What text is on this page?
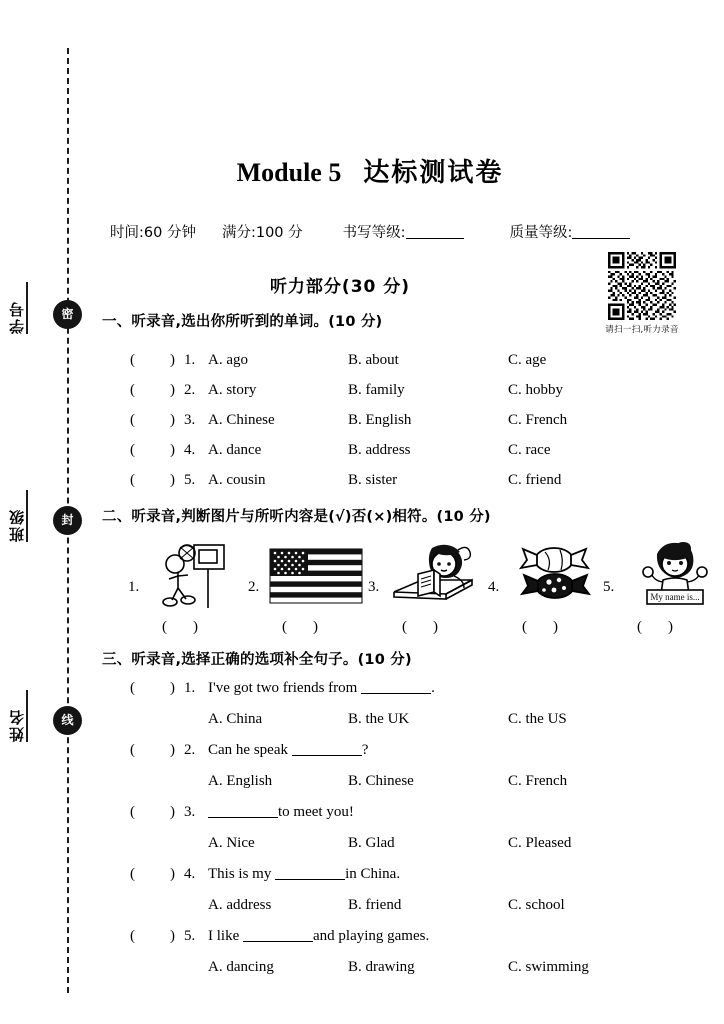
密
封
线
学号
班级
姓名
Module 5 达标测试卷
时间:60 分钟 满分:100 分	书写等级:	质量等级:
请扫一扫,听力录音
听力部分(30 分)
一、听录音,选出你所听到的单词。(10 分)
( ) 1. A. ago	B. about	C. age
( ) 2. A. story	B. family	C. hobby
( ) 3. A. Chinese	B. English	C. French
( ) 4. A. dance	B. address	C. race
( ) 5. A. cousin	B. sister	C. friend
二、听录音,判断图片与所听内容是(√)否(×)相符。(10 分)
1.
()
2.
()
3.
()
4.
()
5.
My name is...
()
三、听录音,选择正确的选项补全句子。(10 分)
( ) 1. I've got two friends from	.
A. China	B. the UK	C. the US
( ) 2. Can he speak	?
A. English	B. Chinese	C. French
( ) 3.	to meet you!
A. Nice	B. Glad	C. Pleased
( ) 4. This is my	in China.
A. address	B. friend	C. school
( ) 5. I like	and playing games.
A. dancing	B. drawing	C. swimming
